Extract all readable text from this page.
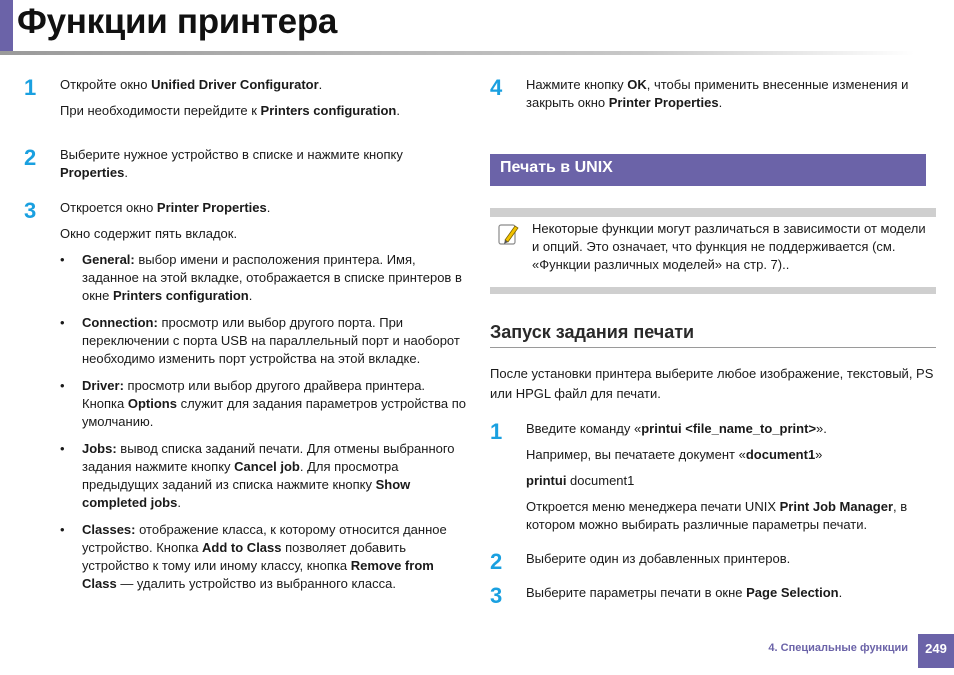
Функции принтера
1 Откройте окно Unified Driver Configurator.

При необходимости перейдите к Printers configuration.

2 Выберите нужное устройство в списке и нажмите кнопку Properties.

3 Откроется окно Printer Properties.

Окно содержит пять вкладок.

• General: выбор имени и расположения принтера. Имя, заданное на этой вкладке, отображается в списке принтеров в окне Printers configuration.
• Connection: просмотр или выбор другого порта. При переключении с порта USB на параллельный порт и наоборот необходимо изменить порт устройства на этой вкладке.
• Driver: просмотр или выбор другого драйвера принтера. Кнопка Options служит для задания параметров устройства по умолчанию.
• Jobs: вывод списка заданий печати. Для отмены выбранного задания нажмите кнопку Cancel job. Для просмотра предыдущих заданий из списка нажмите кнопку Show completed jobs.
• Classes: отображение класса, к которому относится данное устройство. Кнопка Add to Class позволяет добавить устройство к тому или иному классу, кнопка Remove from Class — удалить устройство из выбранного класса.
4 Нажмите кнопку OK, чтобы применить внесенные изменения и закрыть окно Printer Properties.

Печать в UNIX

Некоторые функции могут различаться в зависимости от модели и опций. Это означает, что функция не поддерживается (см. «Функции различных моделей» на стр. 7)..

Запуск задания печати

После установки принтера выберите любое изображение, текстовый, PS или HPGL файл для печати.

1 Введите команду «printui <file_name_to_print>».

Например, вы печатаете документ «document1»

printui document1

Откроется меню менеджера печати UNIX Print Job Manager, в котором можно выбирать различные параметры печати.

2 Выберите один из добавленных принтеров.

3 Выберите параметры печати в окне Page Selection.

4. Специальные функции	249
